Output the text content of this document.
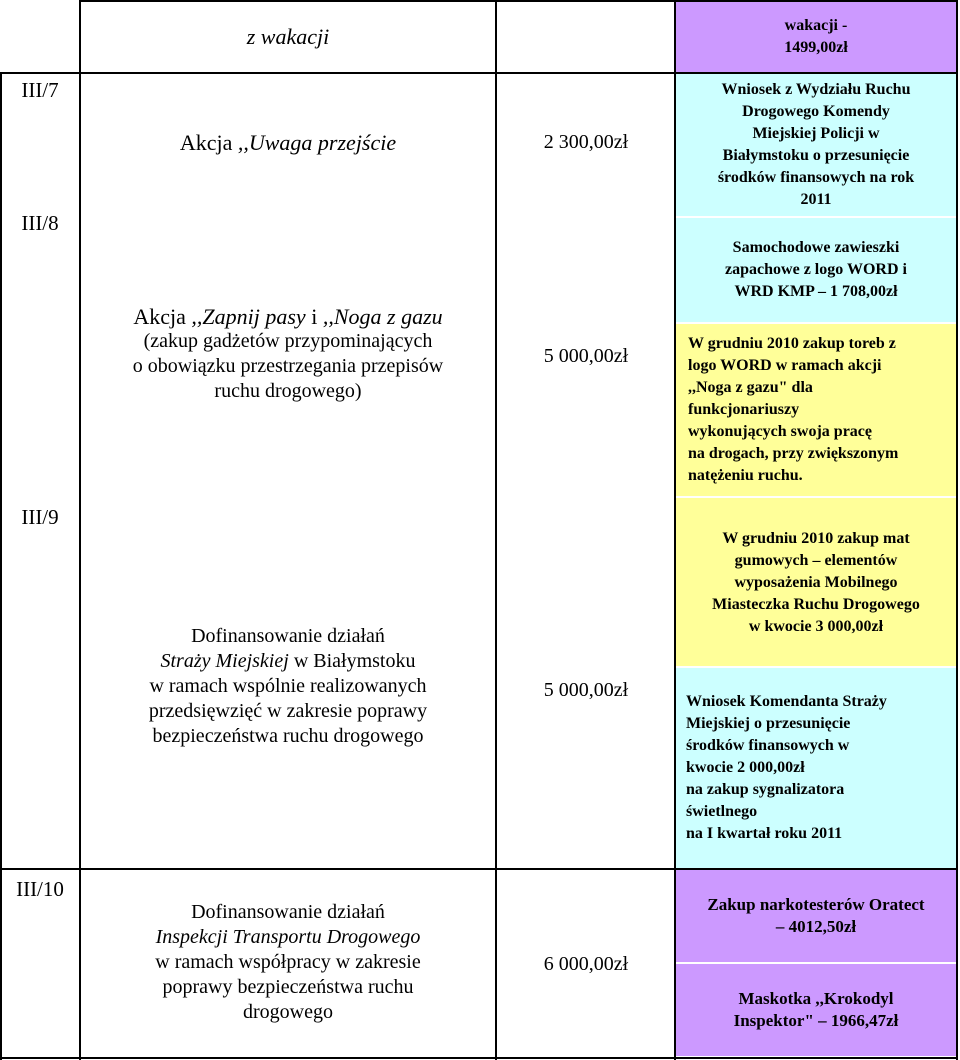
z wakacji	wakacji -
1499,00zł
III/7
III/8
III/9
III/10
Akcja ,,Uwaga przejście	2 300,00zł
Wniosek z Wydziału Ruchu
Drogowego Komendy
Miejskiej Policji w
Białymstoku o przesunięcie
środków finansowych na rok
2011
Akcja ,,Zapnij pasy i ,,Noga z gazu
(zakup gadżetów przypominających
o obowiązku przestrzegania przepisów
ruchu drogowego)
5 000,00zł
Samochodowe zawieszki
zapachowe z logo WORD i
WRD KMP – 1 708,00zł
W grudniu 2010 zakup toreb z
logo WORD w ramach akcji
,,Noga z gazu" dla
funkcjonariuszy
wykonujących swoja pracę
na drogach, przy zwiększonym
natężeniu ruchu.
Dofinansowanie działań
Straży Miejskiej w Białymstoku
w ramach wspólnie realizowanych
przedsięwzięć w zakresie poprawy
bezpieczeństwa ruchu drogowego
5 000,00zł
W grudniu 2010 zakup mat
gumowych – elementów
wyposażenia Mobilnego
Miasteczka Ruchu Drogowego
w kwocie 3 000,00zł
Wniosek Komendanta Straży
Miejskiej o przesunięcie
środków finansowych w
kwocie 2 000,00zł
na zakup sygnalizatora
świetlnego
na I kwartał roku 2011
Dofinansowanie działań
Inspekcji Transportu Drogowego
w ramach współpracy w zakresie
poprawy bezpieczeństwa ruchu
drogowego
6 000,00zł
Zakup narkotesterów Oratect
– 4012,50zł
Maskotka ,,Krokodyl
Inspektor" – 1966,47zł
